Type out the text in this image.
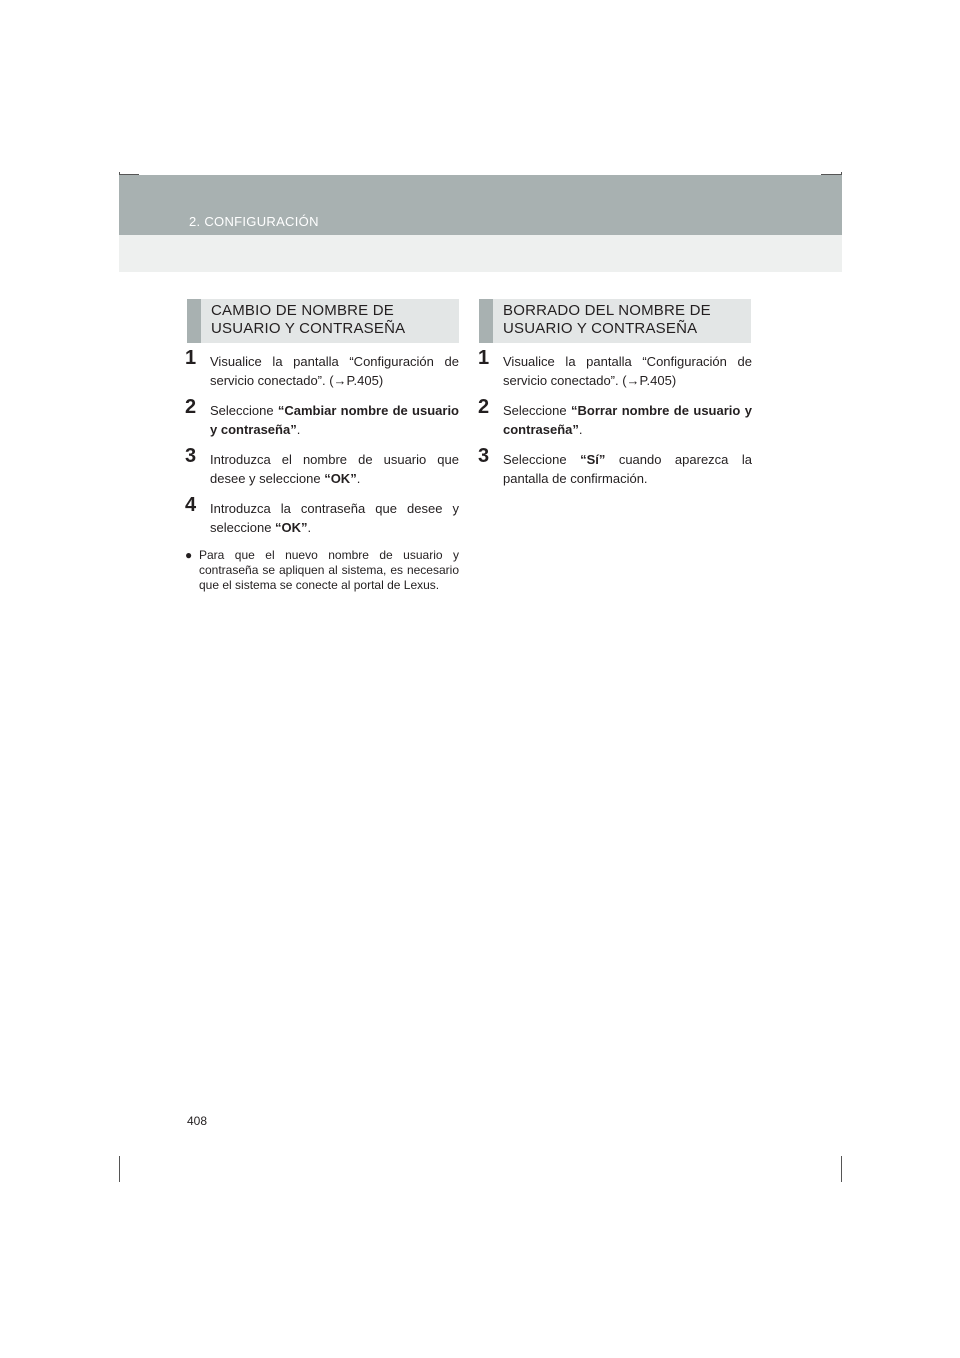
2. CONFIGURACIÓN
CAMBIO DE NOMBRE DE
USUARIO Y CONTRASEÑA
1 Visualice la pantalla “Configuración de servicio conectado”. (→P.405)
2 Seleccione “Cambiar nombre de usuario y contraseña”.
3 Introduzca el nombre de usuario que desee y seleccione “OK”.
4 Introduzca la contraseña que desee y seleccione “OK”.
● Para que el nuevo nombre de usuario y contraseña se apliquen al sistema, es necesario que el sistema se conecte al portal de Lexus.
BORRADO DEL NOMBRE DE
USUARIO Y CONTRASEÑA
1 Visualice la pantalla “Configuración de servicio conectado”. (→P.405)
2 Seleccione “Borrar nombre de usuario y contraseña”.
3 Seleccione “Sí” cuando aparezca la pantalla de confirmación.
408
